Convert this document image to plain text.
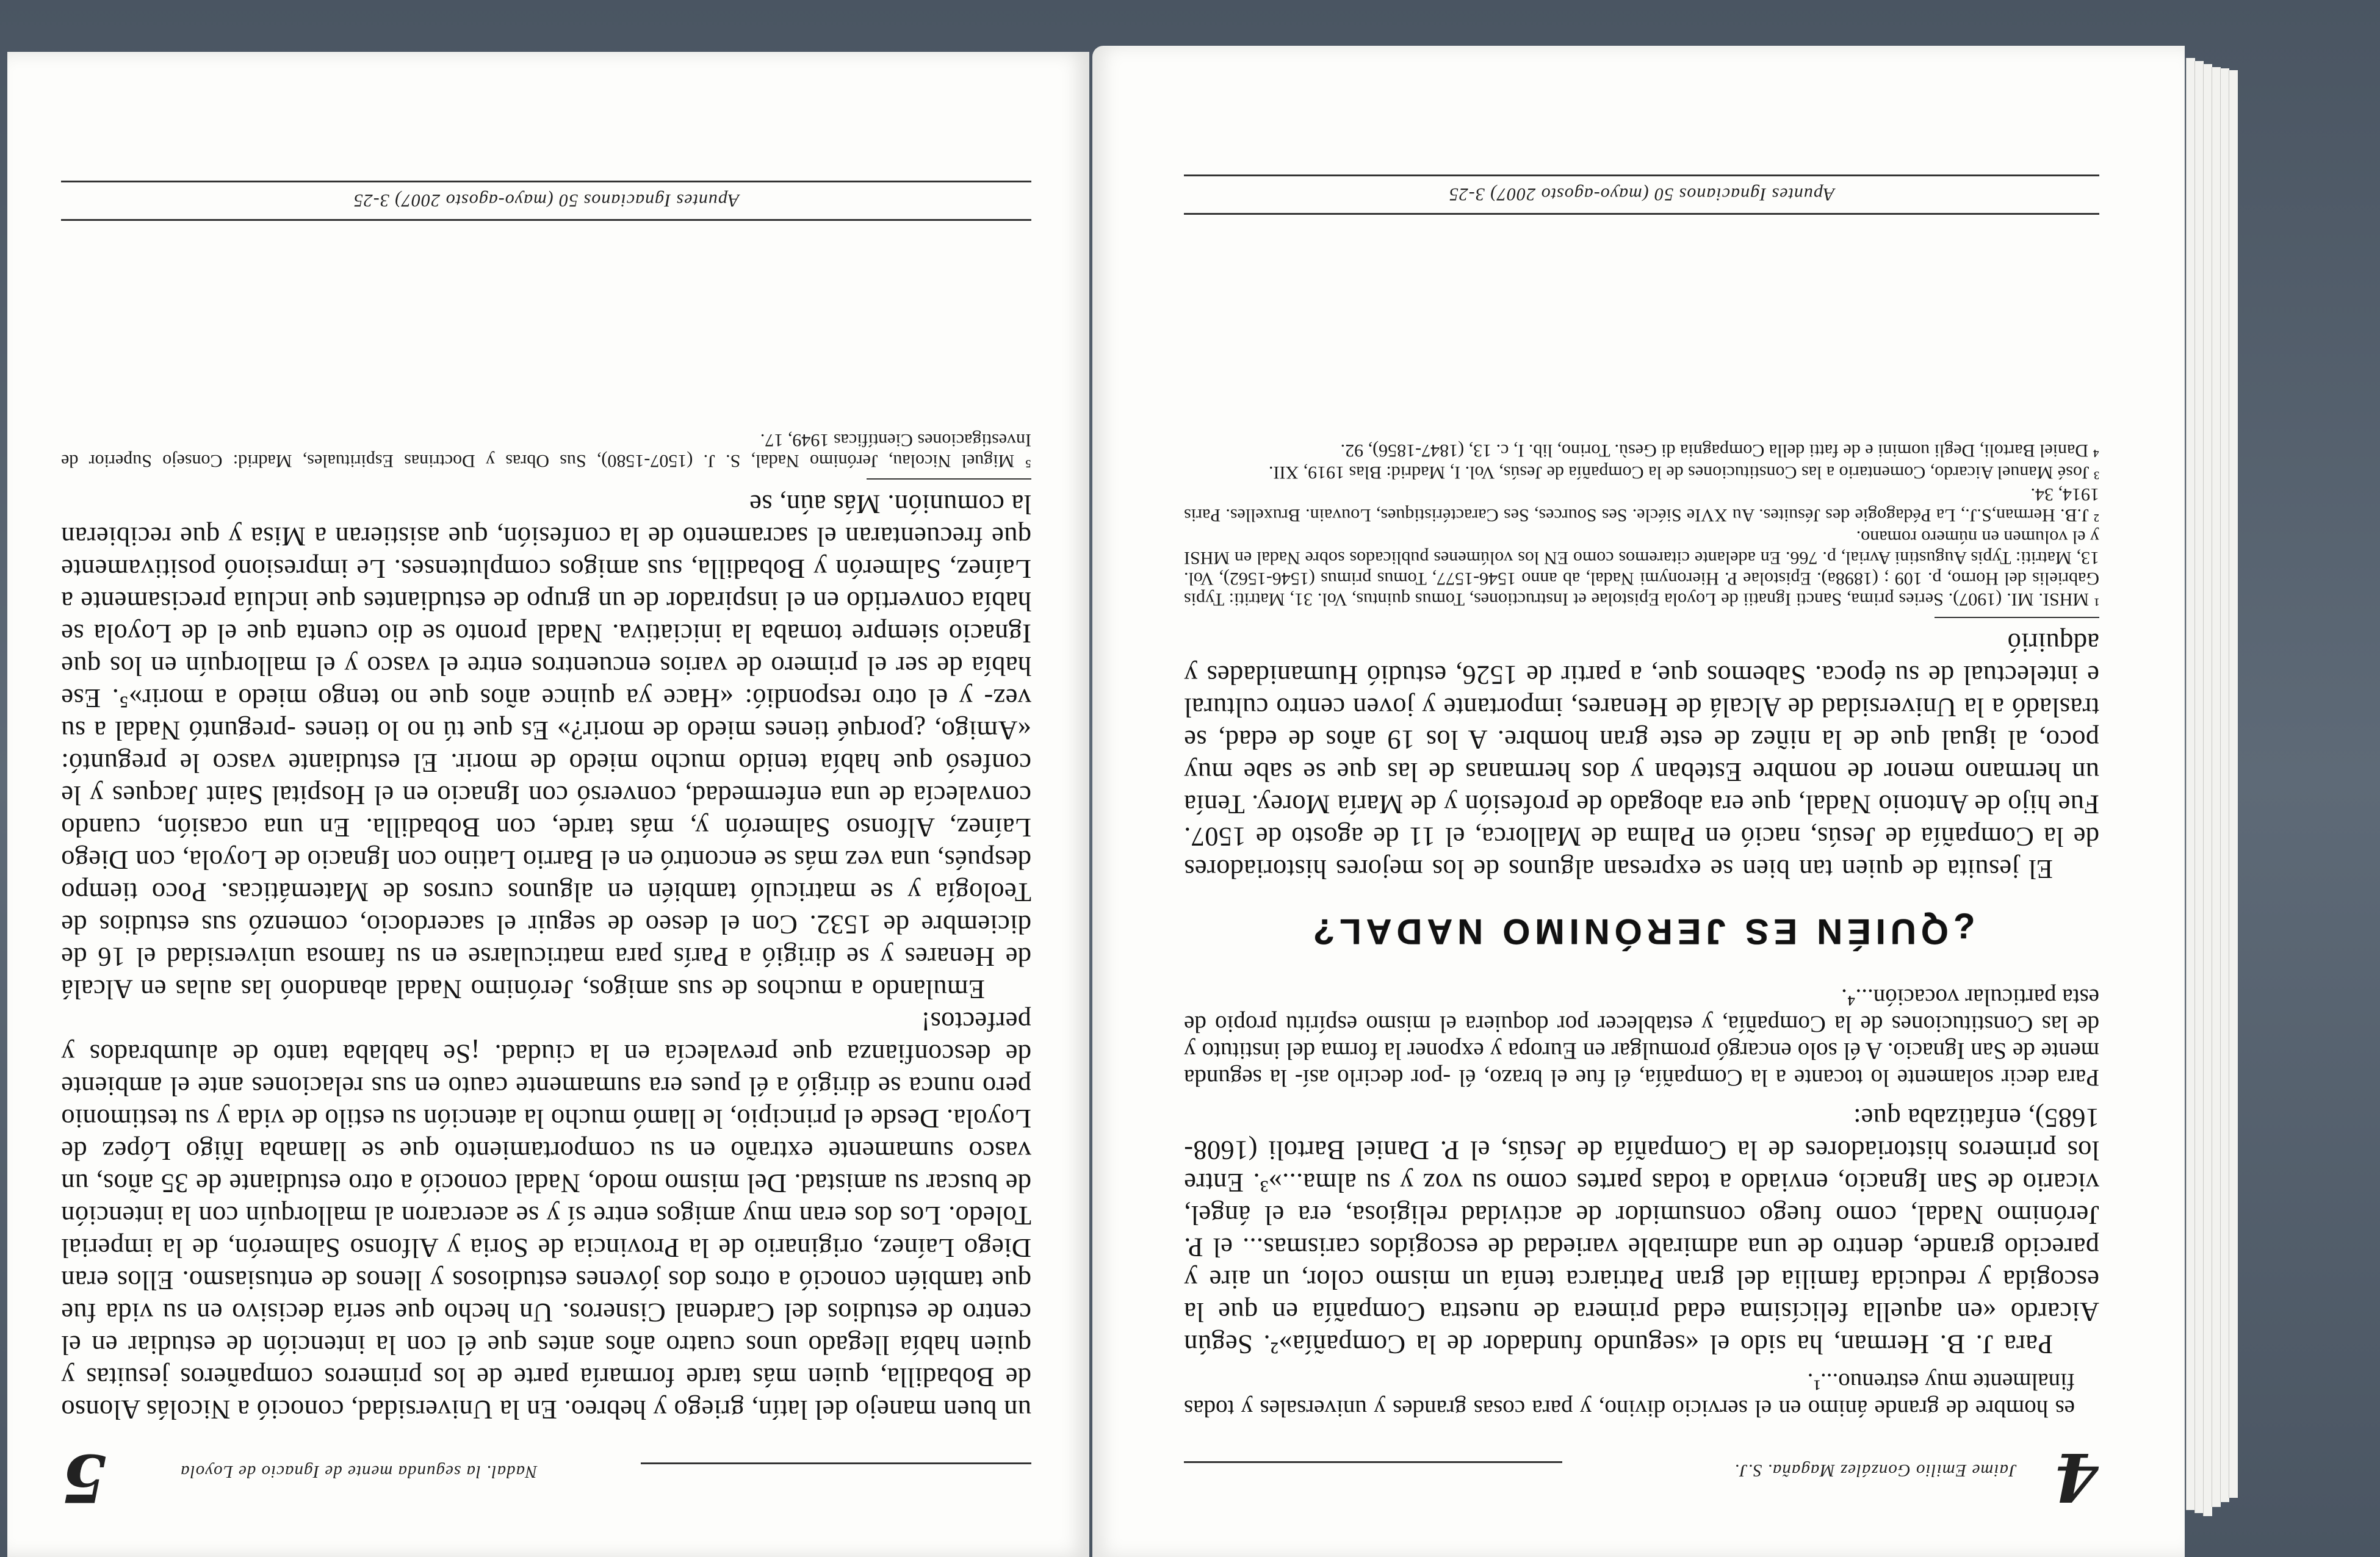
Nadal. la segunda mente de Ignacio de Loyola
5

un buen manejo del latín, griego y hebreo. En la Universidad, conoció a Nicolás Alonso de Bobadilla, quien más tarde formaría parte de los primeros compañeros jesuitas y quien había llegado unos cuatro años antes que él con la intención de estudiar en el centro de estudios del Cardenal Cisneros. Un hecho que sería decisivo en su vida fue que también conoció a otros dos jóvenes estudiosos y llenos de entusiasmo. Ellos eran Diego Laínez, originario de la Provincia de Soria y Alfonso Salmerón, de la imperial Toledo. Los dos eran muy amigos entre sí y se acercaron al mallorquín con la intención de buscar su amistad. Del mismo modo, Nadal conoció a otro estudiante de 35 años, un vasco sumamente extraño en su comportamiento que se llamaba Iñigo López de Loyola. Desde el principio, le llamó mucho la atención su estilo de vida y su testimonio pero nunca se dirigió a él pues era sumamente cauto en sus relaciones ante el ambiente de desconfianza que prevalecía en la ciudad. ¡Se hablaba tanto de alumbrados y perfectos!

Emulando a muchos de sus amigos, Jerónimo Nadal abandonó las aulas en Alcalá de Henares y se dirigió a París para matricularse en su famosa universidad el 16 de diciembre de 1532. Con el deseo de seguir el sacerdocio, comenzó sus estudios de Teología y se matriculó también en algunos cursos de Matemáticas. Poco tiempo después, una vez más se encontró en el Barrio Latino con Ignacio de Loyola, con Diego Laínez, Alfonso Salmerón y, más tarde, con Bobadilla. En una ocasión, cuando convalecía de una enfermedad, conversó con Ignacio en el Hospital Saint Jacques y le confesó que había tenido mucho miedo de morir. El estudiante vasco le preguntó: «Amigo, ¿porqué tienes miedo de morir?» Es que tú no lo tienes -preguntó Nadal a su vez- y el otro respondió: «Hace ya quince años que no tengo miedo a morir»⁵. Ese había de ser el primero de varios encuentros entre el vasco y el mallorquín en los que Ignacio siempre tomaba la iniciativa. Nadal pronto se dio cuenta que el de Loyola se había convertido en el inspirador de un grupo de estudiantes que incluía precisamente a Laínez, Salmerón y Bobadilla, sus amigos complutenses. Le impresionó positivamente que frecuentaran el sacramento de la confesión, que asistieran a Misa y que recibieran la comunión. Más aún, se

⁵ Miguel Nicolau, Jerónimo Nadal, S. J. (1507-1580), Sus Obras y Doctrinas Espirituales, Madrid: Consejo Superior de Investigaciones Científicas 1949, 17.

Apuntes Ignacianos 50 (mayo-agosto 2007) 3-25
4
Jaime Emilio González Magaña. S.J.

es hombre de grande ánimo en el servicio divino, y para cosas grandes y universales y todas finalmente muy estrenuo...¹.

Para J. B. Herman, ha sido el «segundo fundador de la Compañía»². Según Aicardo «en aquella felicísima edad primera de nuestra Compañía en que la escogida y reducida familia del gran Patriarca tenía un mismo color, un aire y parecido grande, dentro de una admirable variedad de escogidos carismas... el P. Jerónimo Nadal, como fuego consumidor de actividad religiosa, era el ángel, vicario de San Ignacio, enviado a todas partes como su voz y su alma...»³. Entre los primeros historiadores de la Compañía de Jesús, el P. Daniel Bartoli (1608-1685), enfatizaba que:

Para decir solamente lo tocante a la Compañía, él fue el brazo, él -por decirlo así- la segunda mente de San Ignacio. A él solo encargó promulgar en Europa y exponer la forma del instituto y de las Constituciones de la Compañía, y establecer por doquiera el mismo espíritu propio de esta particular vocación...⁴.

¿QUIÉN ES JERÓNIMO NADAL?

El jesuita de quien tan bien se expresan algunos de los mejores historiadores de la Compañía de Jesús, nació en Palma de Mallorca, el 11 de agosto de 1507. Fue hijo de Antonio Nadal, que era abogado de profesión y de María Morey. Tenía un hermano menor de nombre Esteban y dos hermanas de las que se sabe muy poco, al igual que de la niñez de este gran hombre. A los 19 años de edad, se trasladó a la Universidad de Alcalá de Henares, importante y joven centro cultural e intelectual de su época. Sabemos que, a partir de 1526, estudió Humanidades y adquirió

¹ MHSI. MI. (1907). Series prima, Sancti Ignatii de Loyola Epistolae et Instructiones, Tomus quintus, Vol. 31, Matriti: Typis Gabrielis del Horno, p. 109 ; (1898a). Epistolae P. Hieronymi Nadal, ab anno 1546-1577, Tomus primus (1546-1562), Vol. 13, Matriti: Typis Augustini Avrial, p. 766. En adelante citaremos como EN los volúmenes publicados sobre Nadal en MHSI y el volumen en número romano.

² J.B. Herman,S.J., La Pédagogie des Jésuites. Au XVIe Siécle. Ses Sources, Ses Caractéristiques, Louvain. Bruxelles. Paris 1914, 34.

³ José Manuel Aicardo, Comentario a las Constituciones de la Compañía de Jesús, Vol. I, Madrid: Blas 1919, XII.

⁴ Daniel Bartoli, Degli uomini e de fatti della Compagnia di Gesù. Torino, lib. I, c. 13, (1847-1856), 92.

Apuntes Ignacianos 50 (mayo-agosto 2007) 3-25
